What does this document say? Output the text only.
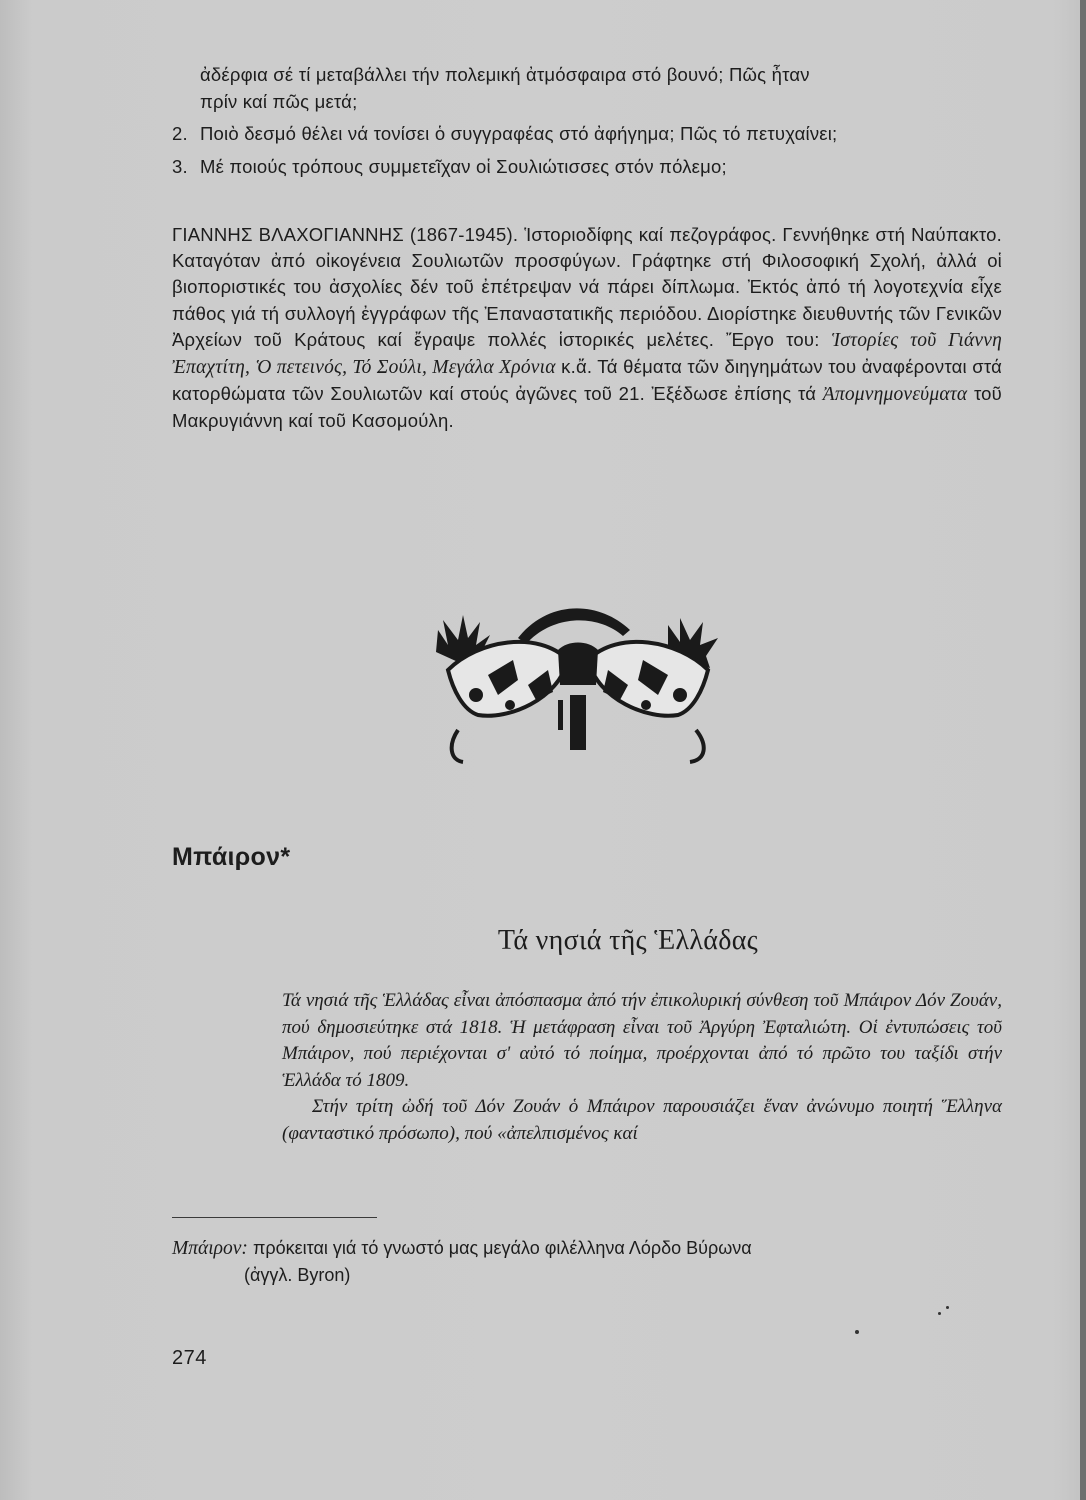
ἀδέρφια σέ τί μεταβάλλει τήν πολεμική ἀτμόσφαιρα στό βουνό; Πῶς ἦταν
πρίν καί πῶς μετά;
2. Ποιὸ δεσμό θέλει νά τονίσει ὁ συγγραφέας στό ἀφήγημα; Πῶς τό πετυχαίνει;
3. Μέ ποιούς τρόπους συμμετεῖχαν οἱ Σουλιώτισσες στόν πόλεμο;
ΓΙΑΝΝΗΣ ΒΛΑΧΟΓΙΑΝΝΗΣ (1867-1945). Ἱστοριοδίφης καί πεζογράφος. Γεννήθηκε στή Ναύπακτο. Καταγόταν ἀπό οἰκογένεια Σουλιωτῶν προσφύγων. Γράφτηκε στή Φιλοσοφική Σχολή, ἀλλά οἱ βιοποριστικές του ἀσχολίες δέν τοῦ ἐπέτρεψαν νά πάρει δίπλωμα. Ἐκτός ἀπό τή λογοτεχνία εἶχε πάθος γιά τή συλλογή ἐγγράφων τῆς Ἐπαναστατικῆς περιόδου. Διορίστηκε διευθυντής τῶν Γενικῶν Ἀρχείων τοῦ Κράτους καί ἔγραψε πολλές ἱστορικές μελέτες. Ἔργο του: Ἱστορίες τοῦ Γιάννη Ἐπαχτίτη, Ὁ πετεινός, Τό Σούλι, Μεγάλα Χρόνια κ.ἄ. Τά θέματα τῶν διηγημάτων του ἀναφέρονται στά κατορθώματα τῶν Σουλιωτῶν καί στούς ἀγῶνες τοῦ 21. Ἐξέδωσε ἐπίσης τά Ἀπομνημονεύματα τοῦ Μακρυγιάννη καί τοῦ Κασομούλη.
Μπάιρον*
Τά νησιά τῆς Ἑλλάδας

Τά νησιά τῆς Ἑλλάδας εἶναι ἀπόσπασμα ἀπό τήν ἐπικολυρική σύνθεση τοῦ Μπάιρον Δόν Ζουάν, πού δημοσιεύτηκε στά 1818. Ἡ μετάφραση εἶναι τοῦ Ἀργύρη Ἐφταλιώτη. Οἱ ἐντυπώσεις τοῦ Μπάιρον, πού περιέχονται σ' αὐτό τό ποίημα, προέρχονται ἀπό τό πρῶτο του ταξίδι στήν Ἑλλάδα τό 1809.

Στήν τρίτη ὠδή τοῦ Δόν Ζουάν ὁ Μπάιρον παρουσιάζει ἕναν ἀνώνυμο ποιητή Ἕλληνα (φανταστικό πρόσωπο), πού «ἀπελπισμένος καί

Μπάιρον: πρόκειται γιά τό γνωστό μας μεγάλο φιλέλληνα Λόρδο Βύρωνα
(ἀγγλ. Byron)
274
